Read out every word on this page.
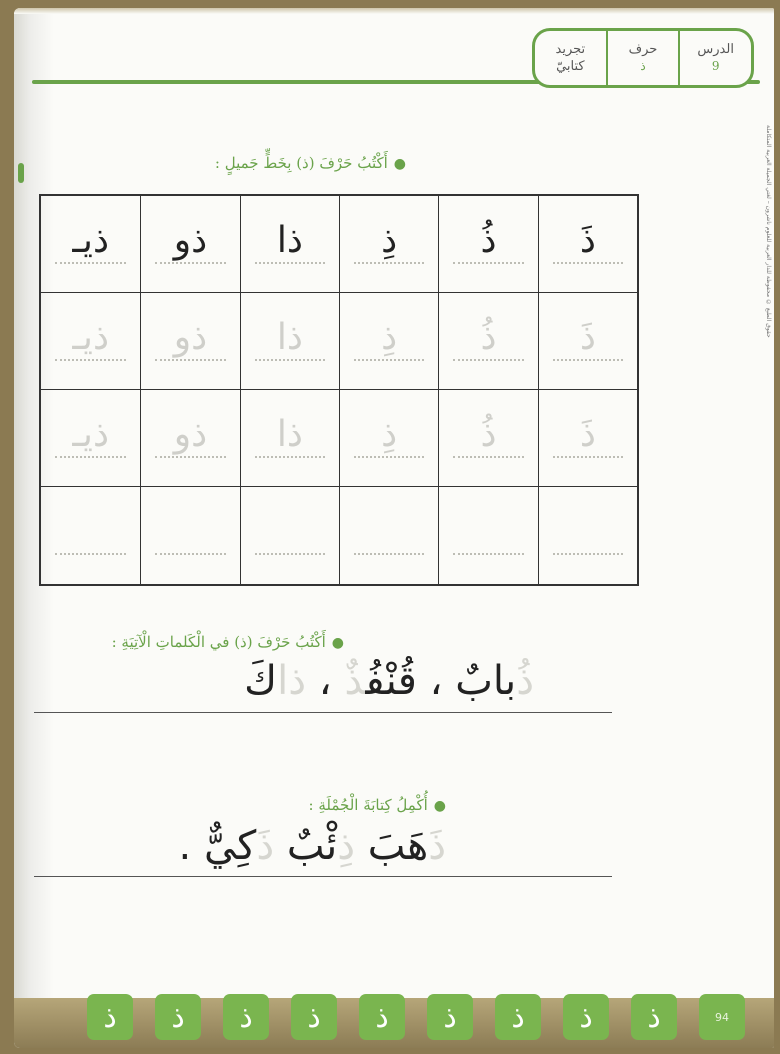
الدرس
9
حرف
ذ
تجريد
كتابيّ
حقوق الطبع © محفوظة للدار العربية للعلوم ناشرون – لغتي الجميلة العربية المتكاملة
●أَكْتُبُ حَرْفَ (ذ) بِخَطٍّ جَميلٍ :
ذَ
ذُ
ذِ
ذا
ذو
ذيـ
ذَ
ذُ
ذِ
ذا
ذو
ذيـ
ذَ
ذُ
ذِ
ذا
ذو
ذيـ
●أَكْتُبُ حَرْفَ (ذ) في الْكَلماتِ الْآتِيَةِ :
ذُبابٌ ، قُنْفُذٌ ، ذاكَ
●أُكْمِلُ كِتابَةَ الْجُمْلَةِ :
ذَهَبَ ذِئْبٌ ذَكِيٌّ .
94
ذ
ذ
ذ
ذ
ذ
ذ
ذ
ذ
ذ
